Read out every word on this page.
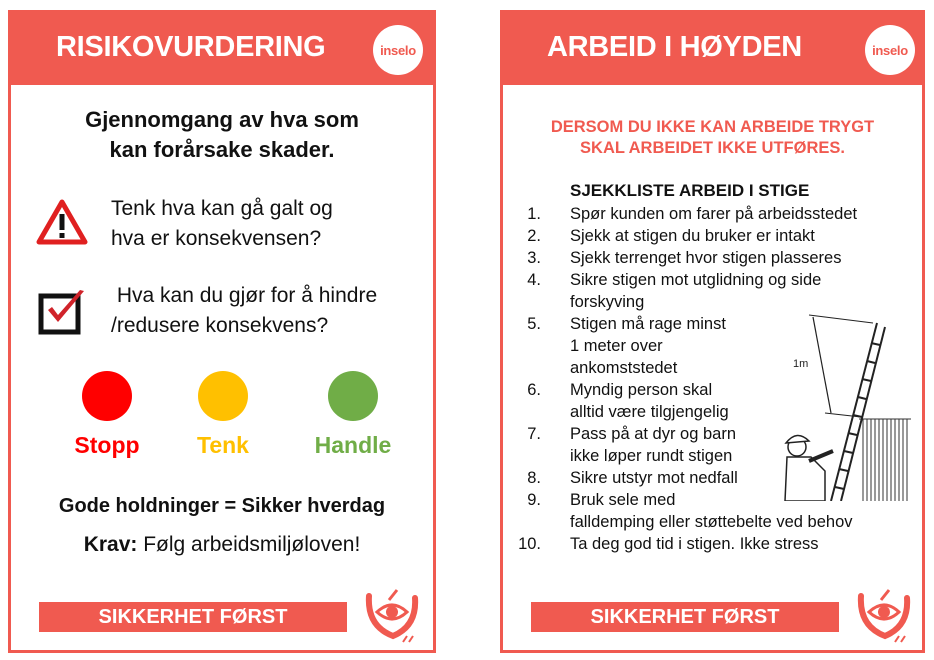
RISIKOVURDERING	inselo
Gjennomgang av hva som
kan forårsake skader.
Tenk hva kan gå galt og
hva er konsekvensen?
Hva kan du gjør for å hindre
/redusere konsekvens?
Stopp	Tenk	Handle
Gode holdninger = Sikker hverdag
Krav: Følg arbeidsmiljøloven!
SIKKERHET FØRST
ARBEID I HØYDEN	inselo
DERSOM DU IKKE KAN ARBEIDE TRYGT
SKAL ARBEIDET IKKE UTFØRES.
SJEKKLISTE ARBEID I STIGE
1. Spør kunden om farer på arbeidsstedet
2. Sjekk at stigen du bruker er intakt
3. Sjekk terrenget hvor stigen plasseres
4. Sikre stigen mot utglidning og side
forskyving
5. Stigen må rage minst
1 meter over
ankomststedet
6. Myndig person skal
alltid være tilgjengelig
7. Pass på at dyr og barn
ikke løper rundt stigen
8. Sikre utstyr mot nedfall
9. Bruk sele med
falldemping eller støttebelte ved behov
10. Ta deg god tid i stigen. Ikke stress
1m
SIKKERHET FØRST
